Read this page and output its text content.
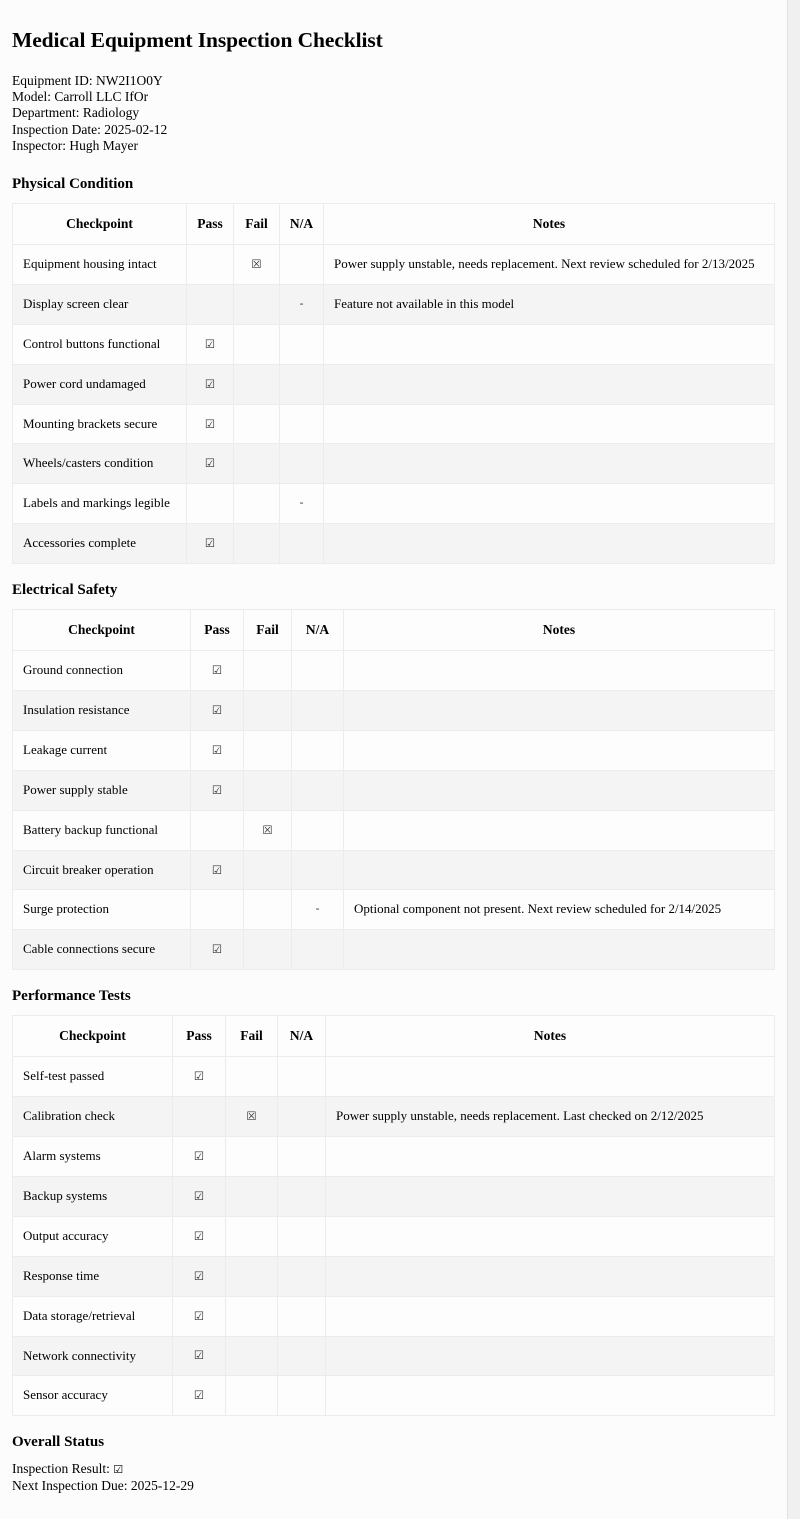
Medical Equipment Inspection Checklist
Equipment ID: NW2I1O0Y
Model: Carroll LLC IfOr
Department: Radiology
Inspection Date: 2025-02-12
Inspector: Hugh Mayer
Physical Condition
Checkpoint	Pass	Fail	N/A	Notes
Equipment housing intact		☒		Power supply unstable, needs replacement. Next review scheduled for 2/13/2025
Display screen clear			-	Feature not available in this model
Control buttons functional	☑			
Power cord undamaged	☑			
Mounting brackets secure	☑			
Wheels/casters condition	☑			
Labels and markings legible			-	
Accessories complete	☑			
Electrical Safety
Checkpoint	Pass	Fail	N/A	Notes
Ground connection	☑			
Insulation resistance	☑			
Leakage current	☑			
Power supply stable	☑			
Battery backup functional		☒		
Circuit breaker operation	☑			
Surge protection			-	Optional component not present. Next review scheduled for 2/14/2025
Cable connections secure	☑			
Performance Tests
Checkpoint	Pass	Fail	N/A	Notes
Self-test passed	☑			
Calibration check		☒		Power supply unstable, needs replacement. Last checked on 2/12/2025
Alarm systems	☑			
Backup systems	☑			
Output accuracy	☑			
Response time	☑			
Data storage/retrieval	☑			
Network connectivity	☑			
Sensor accuracy	☑			
Overall Status
Inspection Result: ☑
Next Inspection Due: 2025-12-29
